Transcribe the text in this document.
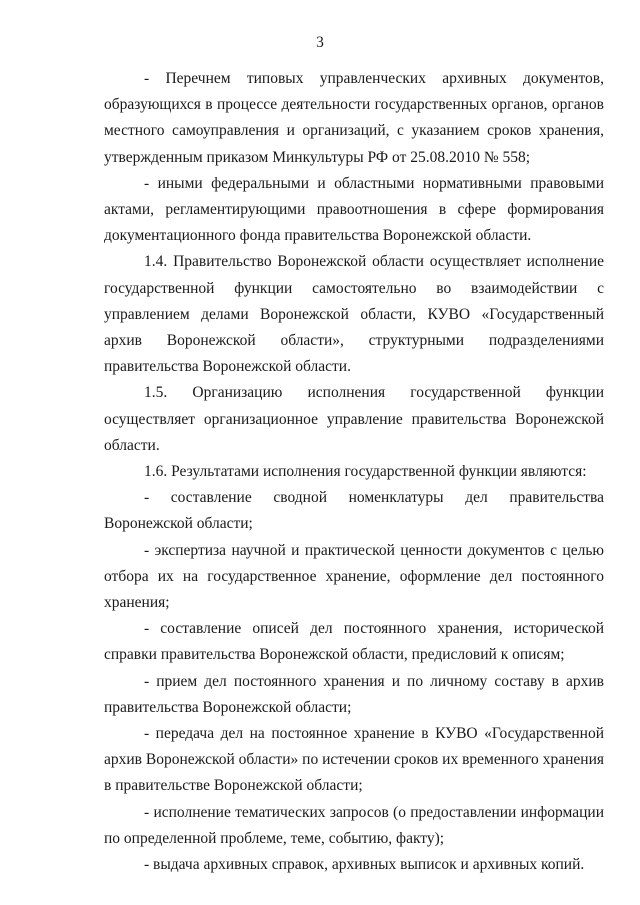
3

- Перечнем типовых управленческих архивных документов, образующихся в процессе деятельности государственных органов, органов местного самоуправления и организаций, с указанием сроков хранения, утвержденным приказом Минкультуры РФ от 25.08.2010 № 558;

- иными федеральными и областными нормативными правовыми актами, регламентирующими правоотношения в сфере формирования документационного фонда правительства Воронежской области.

1.4. Правительство Воронежской области осуществляет исполнение государственной функции самостоятельно во взаимодействии с управлением делами Воронежской области, КУВО «Государственный архив Воронежской области», структурными подразделениями правительства Воронежской области.

1.5. Организацию исполнения государственной функции осуществляет организационное управление правительства Воронежской области.

1.6. Результатами исполнения государственной функции являются:

- составление сводной номенклатуры дел правительства Воронежской области;

- экспертиза научной и практической ценности документов с целью отбора их на государственное хранение, оформление дел постоянного хранения;

- составление описей дел постоянного хранения, исторической справки правительства Воронежской области, предисловий к описям;

- прием дел постоянного хранения и по личному составу в архив правительства Воронежской области;

- передача дел на постоянное хранение в КУВО «Государственной архив Воронежской области» по истечении сроков их временного хранения в правительстве Воронежской области;

- исполнение тематических запросов (о предоставлении информации по определенной проблеме, теме, событию, факту);

- выдача архивных справок, архивных выписок и архивных копий.
